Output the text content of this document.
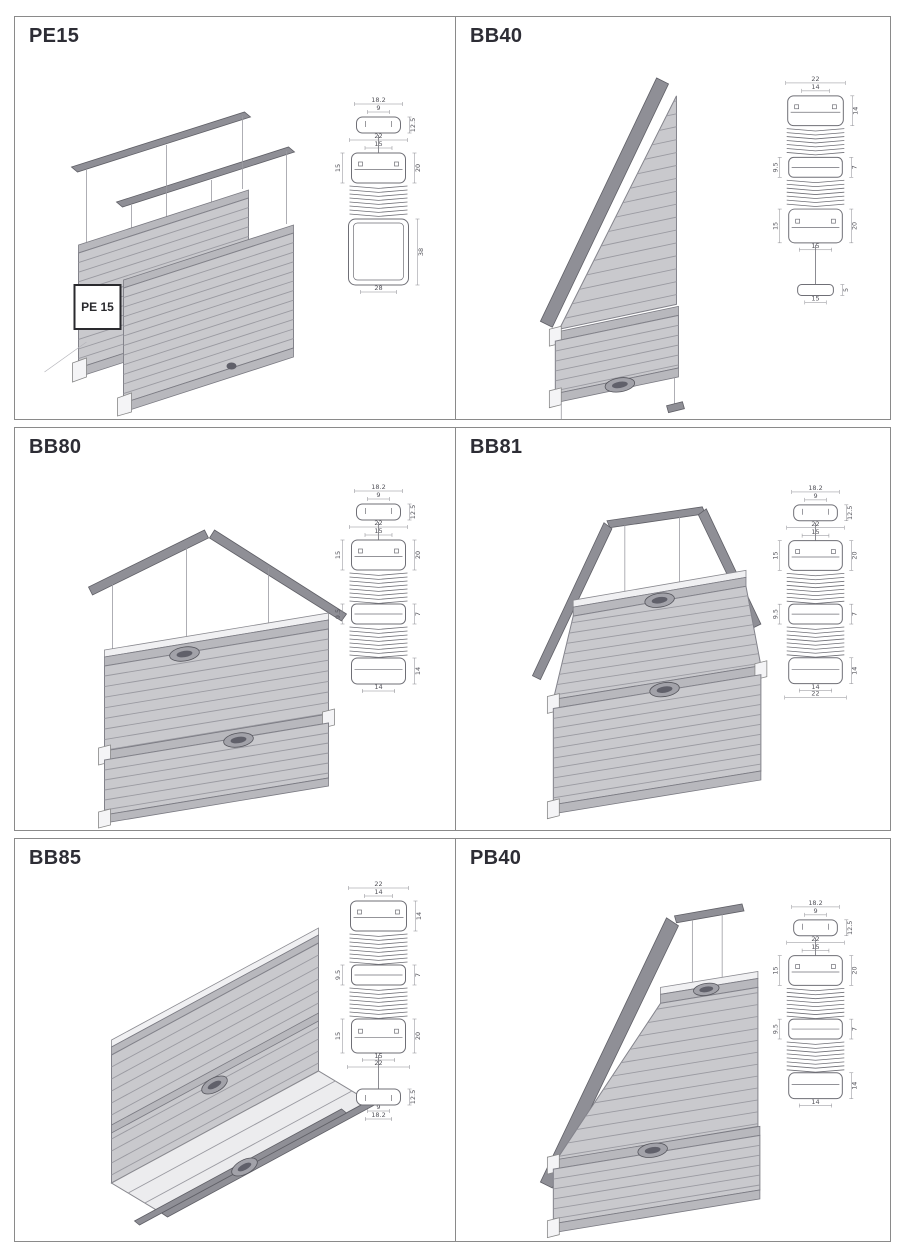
PE15
PE 15
18.2
9
12.5
22
15
15	20
38
28
BB40
22
14
14
9.5	7
15	20
15
5
15
BB80
18.2
9
12.5
22
15
15	20
9.5	7
14
14
BB81
18.2
9
12.5
22
15
15	20
9.5	7
14
14
22
BB85
22
14
14
9.5	7
15	20
15
22
12.5
9
18.2
PB40
18.2
9
12.5
22
15
15	20
9.5	7
14
14
